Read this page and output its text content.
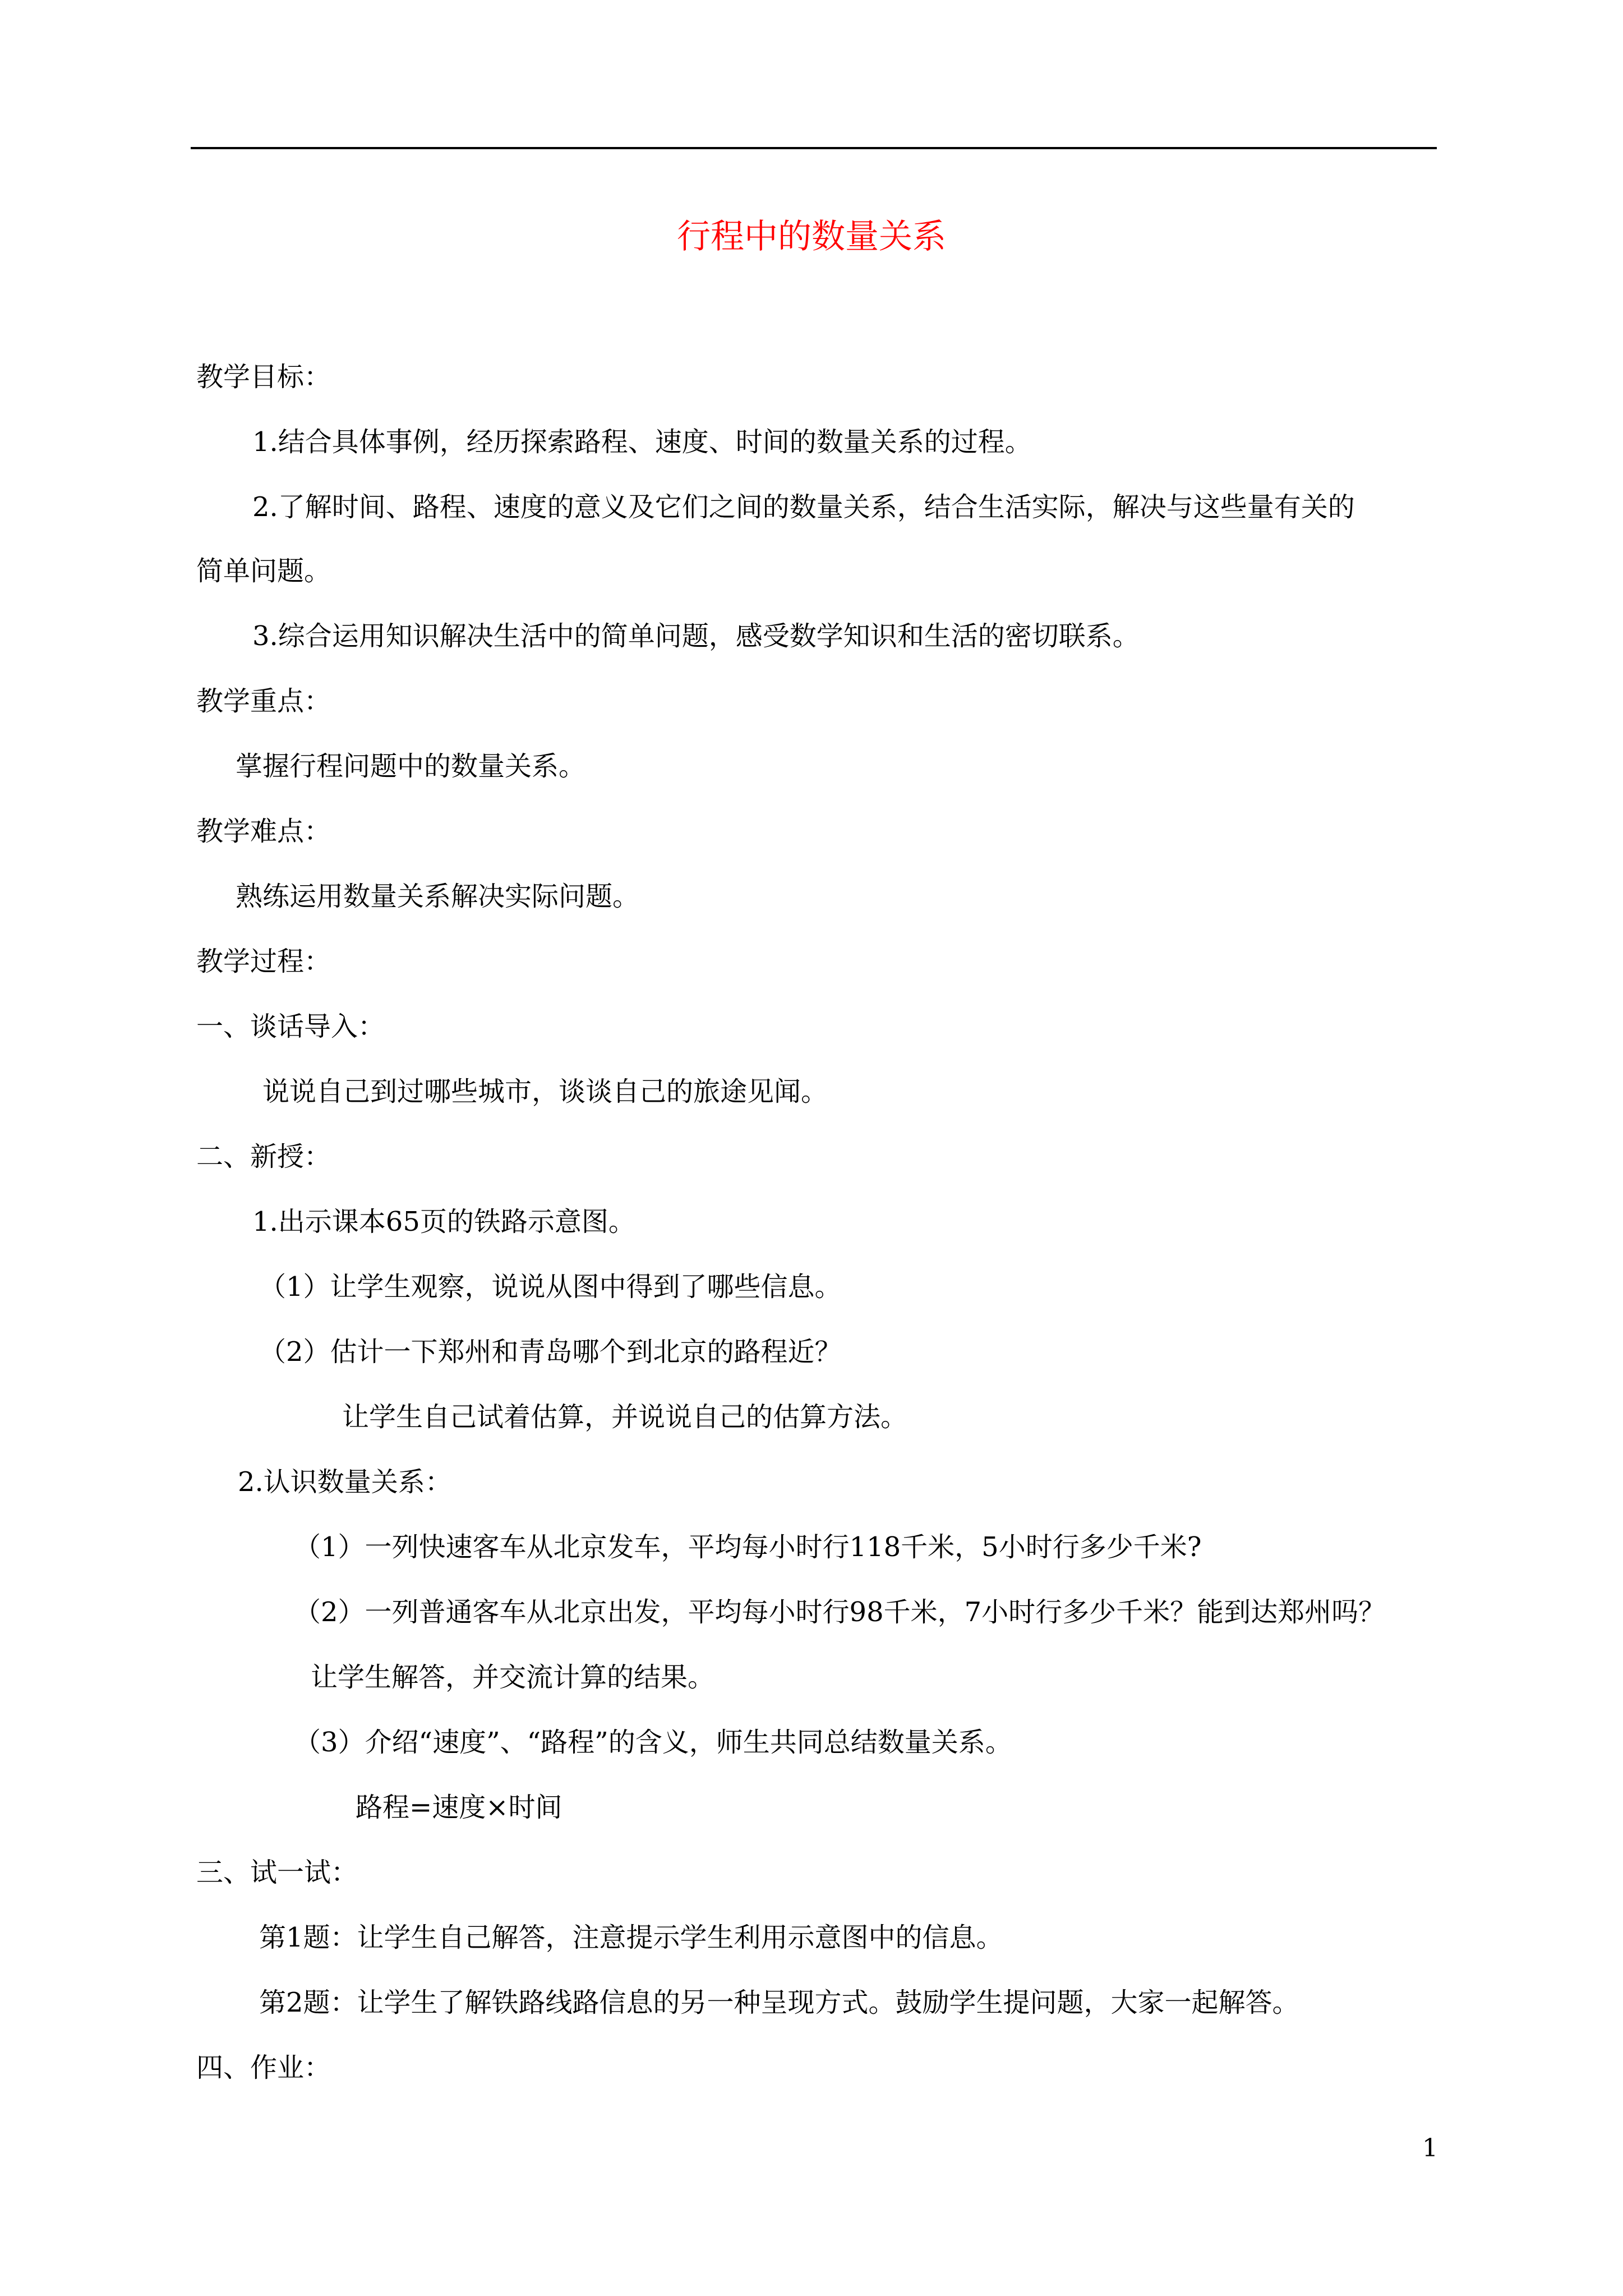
行程中的数量关系

教学目标：

1.结合具体事例，经历探索路程、速度、时间的数量关系的过程。

2.了解时间、路程、速度的意义及它们之间的数量关系，结合生活实际，解决与这些量有关的

简单问题。

3.综合运用知识解决生活中的简单问题，感受数学知识和生活的密切联系。

教学重点：

掌握行程问题中的数量关系。

教学难点：

熟练运用数量关系解决实际问题。

教学过程：

一、谈话导入：

说说自己到过哪些城市，谈谈自己的旅途见闻。

二、新授：

1.出示课本65页的铁路示意图。

（1）让学生观察，说说从图中得到了哪些信息。

（2）估计一下郑州和青岛哪个到北京的路程近？

让学生自己试着估算，并说说自己的估算方法。

2.认识数量关系：

（1）一列快速客车从北京发车，平均每小时行118千米，5小时行多少千米?

（2）一列普通客车从北京出发，平均每小时行98千米，7小时行多少千米？能到达郑州吗？

让学生解答，并交流计算的结果。

（3）介绍“速度”、“路程”的含义，师生共同总结数量关系。

路程=速度×时间

三、试一试：

第1题：让学生自己解答，注意提示学生利用示意图中的信息。

第2题：让学生了解铁路线路信息的另一种呈现方式。鼓励学生提问题，大家一起解答。

四、作业：

1
